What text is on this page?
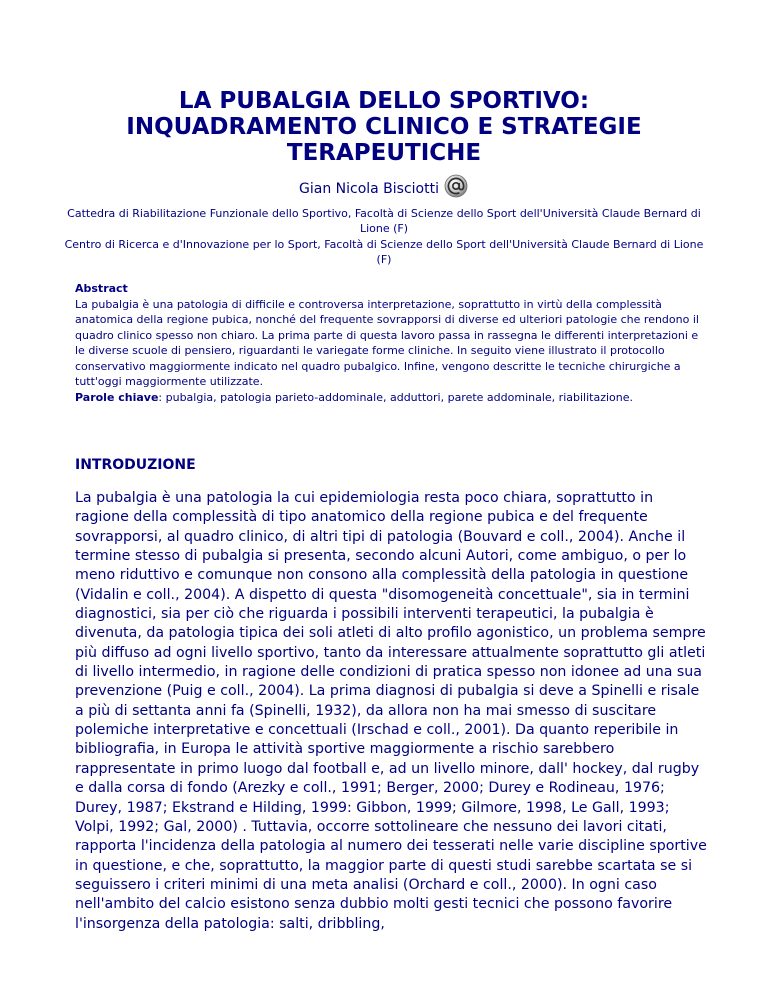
LA PUBALGIA DELLO SPORTIVO: INQUADRAMENTO CLINICO E STRATEGIE TERAPEUTICHE
Gian Nicola Bisciotti
Cattedra di Riabilitazione Funzionale dello Sportivo, Facoltà di Scienze dello Sport dell'Università Claude Bernard di Lione (F)
Centro di Ricerca e d'Innovazione per lo Sport, Facoltà di Scienze dello Sport dell'Università Claude Bernard di Lione (F)
Abstract
La pubalgia è una patologia di difficile e controversa interpretazione, soprattutto in virtù della complessità anatomica della regione pubica, nonché del frequente sovrapporsi di diverse ed ulteriori patologie che rendono il quadro clinico spesso non chiaro. La prima parte di questa lavoro passa in rassegna le differenti interpretazioni e le diverse scuole di pensiero, riguardanti le variegate forme cliniche. In seguito viene illustrato il protocollo conservativo maggiormente indicato nel quadro pubalgico. Infine, vengono descritte le tecniche chirurgiche a tutt'oggi maggiormente utilizzate.
Parole chiave: pubalgia, patologia parieto-addominale, adduttori, parete addominale, riabilitazione.
INTRODUZIONE

La pubalgia è una patologia la cui epidemiologia resta poco chiara, soprattutto in ragione della complessità di tipo anatomico della regione pubica e del frequente sovrapporsi, al quadro clinico, di altri tipi di patologia (Bouvard e coll., 2004). Anche il termine stesso di pubalgia si presenta, secondo alcuni Autori, come ambiguo, o per lo meno riduttivo e comunque non consono alla complessità della patologia in questione (Vidalin e coll., 2004). A dispetto di questa "disomogeneità concettuale", sia in termini diagnostici, sia per ciò che riguarda i possibili interventi terapeutici, la pubalgia è divenuta, da patologia tipica dei soli atleti di alto profilo agonistico, un problema sempre più diffuso ad ogni livello sportivo, tanto da interessare attualmente soprattutto gli atleti di livello intermedio, in ragione delle condizioni di pratica spesso non idonee ad una sua prevenzione (Puig e coll., 2004). La prima diagnosi di pubalgia si deve a Spinelli e risale a più di settanta anni fa (Spinelli, 1932), da allora non ha mai smesso di suscitare polemiche interpretative e concettuali (Irschad e coll., 2001). Da quanto reperibile in bibliografia, in Europa le attività sportive maggiormente a rischio sarebbero rappresentate in primo luogo dal football e, ad un livello minore, dall' hockey, dal rugby e dalla corsa di fondo (Arezky e coll., 1991; Berger, 2000; Durey e Rodineau, 1976; Durey, 1987; Ekstrand e Hilding, 1999: Gibbon, 1999; Gilmore, 1998, Le Gall, 1993; Volpi, 1992; Gal, 2000) . Tuttavia, occorre sottolineare che nessuno dei lavori citati, rapporta l'incidenza della patologia al numero dei tesserati nelle varie discipline sportive in questione, e che, soprattutto, la maggior parte di questi studi sarebbe scartata se si seguissero i criteri minimi di una meta analisi (Orchard e coll., 2000). In ogni caso nell'ambito del calcio esistono senza dubbio molti gesti tecnici che possono favorire l'insorgenza della patologia: salti, dribbling,
